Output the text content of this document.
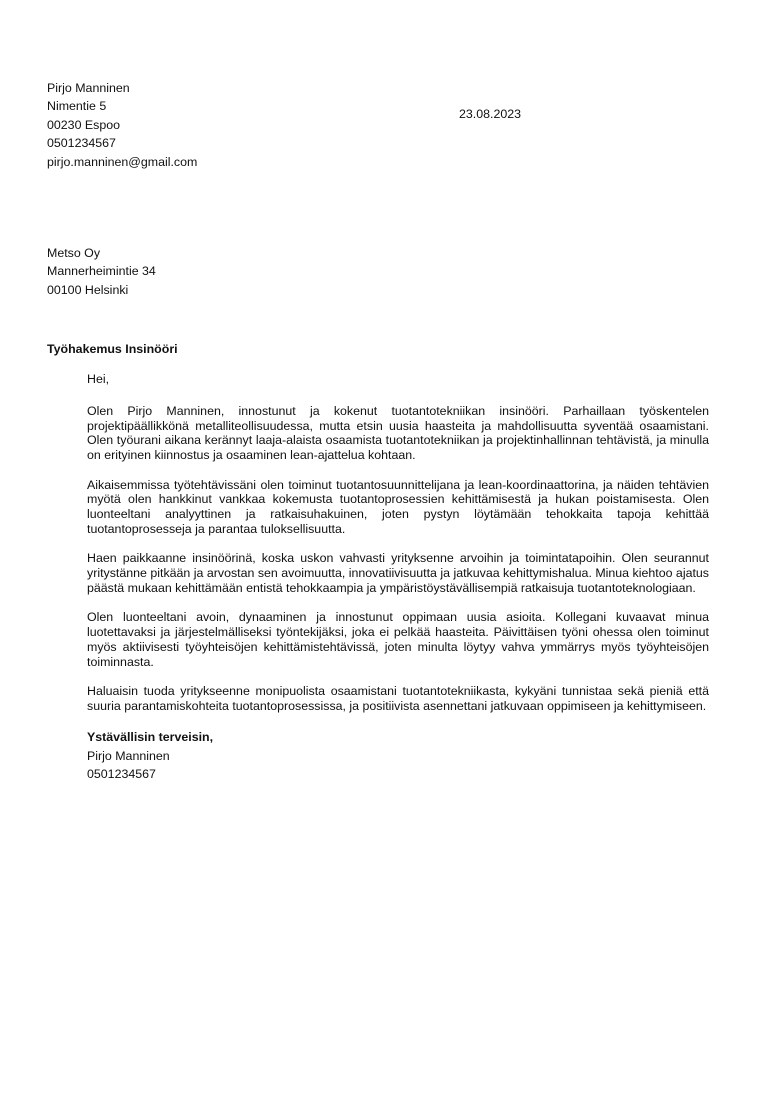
Pirjo Manninen
Nimentie 5
00230 Espoo
0501234567
pirjo.manninen@gmail.com
23.08.2023
Metso Oy
Mannerheimintie 34
00100 Helsinki
Työhakemus Insinööri
Hei,

Olen Pirjo Manninen, innostunut ja kokenut tuotantotekniikan insinööri. Parhaillaan työskentelen projektipäällikkönä metalliteollisuudessa, mutta etsin uusia haasteita ja mahdollisuutta syventää osaamistani. Olen työurani aikana kerännyt laaja-alaista osaamista tuotantotekniikan ja projektinhallinnan tehtävistä, ja minulla on erityinen kiinnostus ja osaaminen lean-ajattelua kohtaan.

Aikaisemmissa työtehtävissäni olen toiminut tuotantosuunnittelijana ja lean-koordinaattorina, ja näiden tehtävien myötä olen hankkinut vankkaa kokemusta tuotantoprosessien kehittämisestä ja hukan poistamisesta. Olen luonteeltani analyyttinen ja ratkaisuhakuinen, joten pystyn löytämään tehokkaita tapoja kehittää tuotantoprosesseja ja parantaa tuloksellisuutta.

Haen paikkaanne insinöörinä, koska uskon vahvasti yrityksenne arvoihin ja toimintatapoihin. Olen seurannut yritystänne pitkään ja arvostan sen avoimuutta, innovatiivisuutta ja jatkuvaa kehittymishalua. Minua kiehtoo ajatus päästä mukaan kehittämään entistä tehokkaampia ja ympäristöystävällisempiä ratkaisuja tuotantoteknologiaan.

Olen luonteeltani avoin, dynaaminen ja innostunut oppimaan uusia asioita. Kollegani kuvaavat minua luotettavaksi ja järjestelmälliseksi työntekijäksi, joka ei pelkää haasteita. Päivittäisen työni ohessa olen toiminut myös aktiivisesti työyhteisöjen kehittämistehtävissä, joten minulta löytyy vahva ymmärrys myös työyhteisöjen toiminnasta.

Haluaisin tuoda yritykseenne monipuolista osaamistani tuotantotekniikasta, kykyäni tunnistaa sekä pieniä että suuria parantamiskohteita tuotantoprosessissa, ja positiivista asennettani jatkuvaan oppimiseen ja kehittymiseen.

Ystävällisin terveisin,
Pirjo Manninen
0501234567
